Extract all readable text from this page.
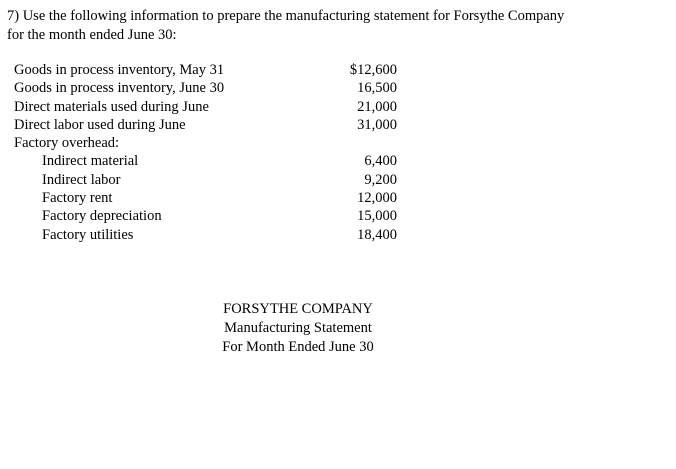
7) Use the following information to prepare the manufacturing statement for Forsythe Company
for the month ended June 30:
Goods in process inventory, May 31	$12,600
Goods in process inventory, June 30	16,500
Direct materials used during June	21,000
Direct labor used during June	31,000
Factory overhead:
Indirect material	6,400
Indirect labor	9,200
Factory rent	12,000
Factory depreciation	15,000
Factory utilities	18,400
FORSYTHE COMPANY
Manufacturing Statement
For Month Ended June 30
